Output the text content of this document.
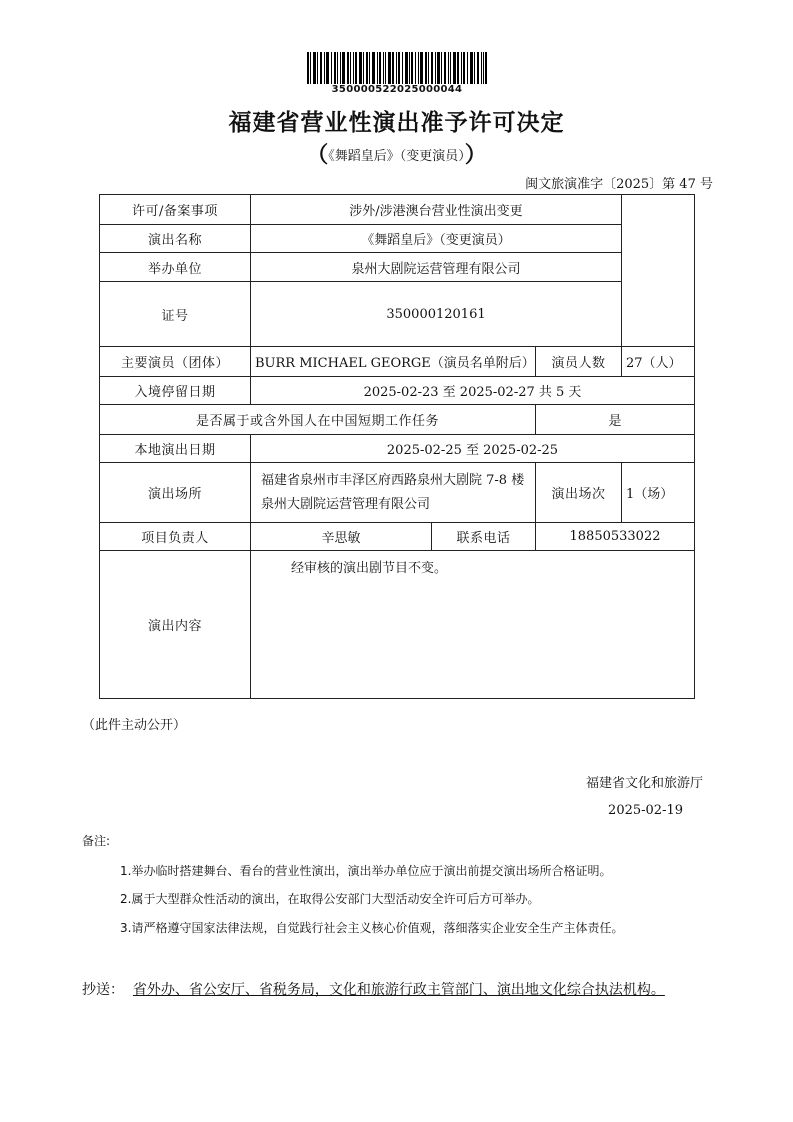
350000522025000044
福建省营业性演出准予许可决定
（《舞蹈皇后》（变更演员））
闽文旅演准字〔2025〕第 47 号
许可/备案事项	涉外/涉港澳台营业性演出变更			
演出名称	《舞蹈皇后》（变更演员）			
举办单位	泉州大剧院运营管理有限公司			
证号	350000120161			
主要演员（团体）	BURR MICHAEL GEORGE（演员名单附后）		演员人数	27（人）
入境停留日期	2025-02-23 至 2025-02-27 共 5 天			
是否属于或含外国人在中国短期工作任务			是	
本地演出日期	2025-02-25 至 2025-02-25			
演出场所	福建省泉州市丰泽区府西路泉州大剧院 7-8 楼泉州大剧院运营管理有限公司		演出场次	1（场）
项目负责人	辛思敏	联系电话	18850533022	
演出内容	经审核的演出剧节目不变。			
（此件主动公开）
福建省文化和旅游厅
2025-02-19
备注:
1.举办临时搭建舞台、看台的营业性演出，演出举办单位应于演出前提交演出场所合格证明。
2.属于大型群众性活动的演出，在取得公安部门大型活动安全许可后方可举办。
3.请严格遵守国家法律法规，自觉践行社会主义核心价值观，落细落实企业安全生产主体责任。
抄送： 省外办、省公安厅、省税务局，文化和旅游行政主管部门、演出地文化综合执法机构。
